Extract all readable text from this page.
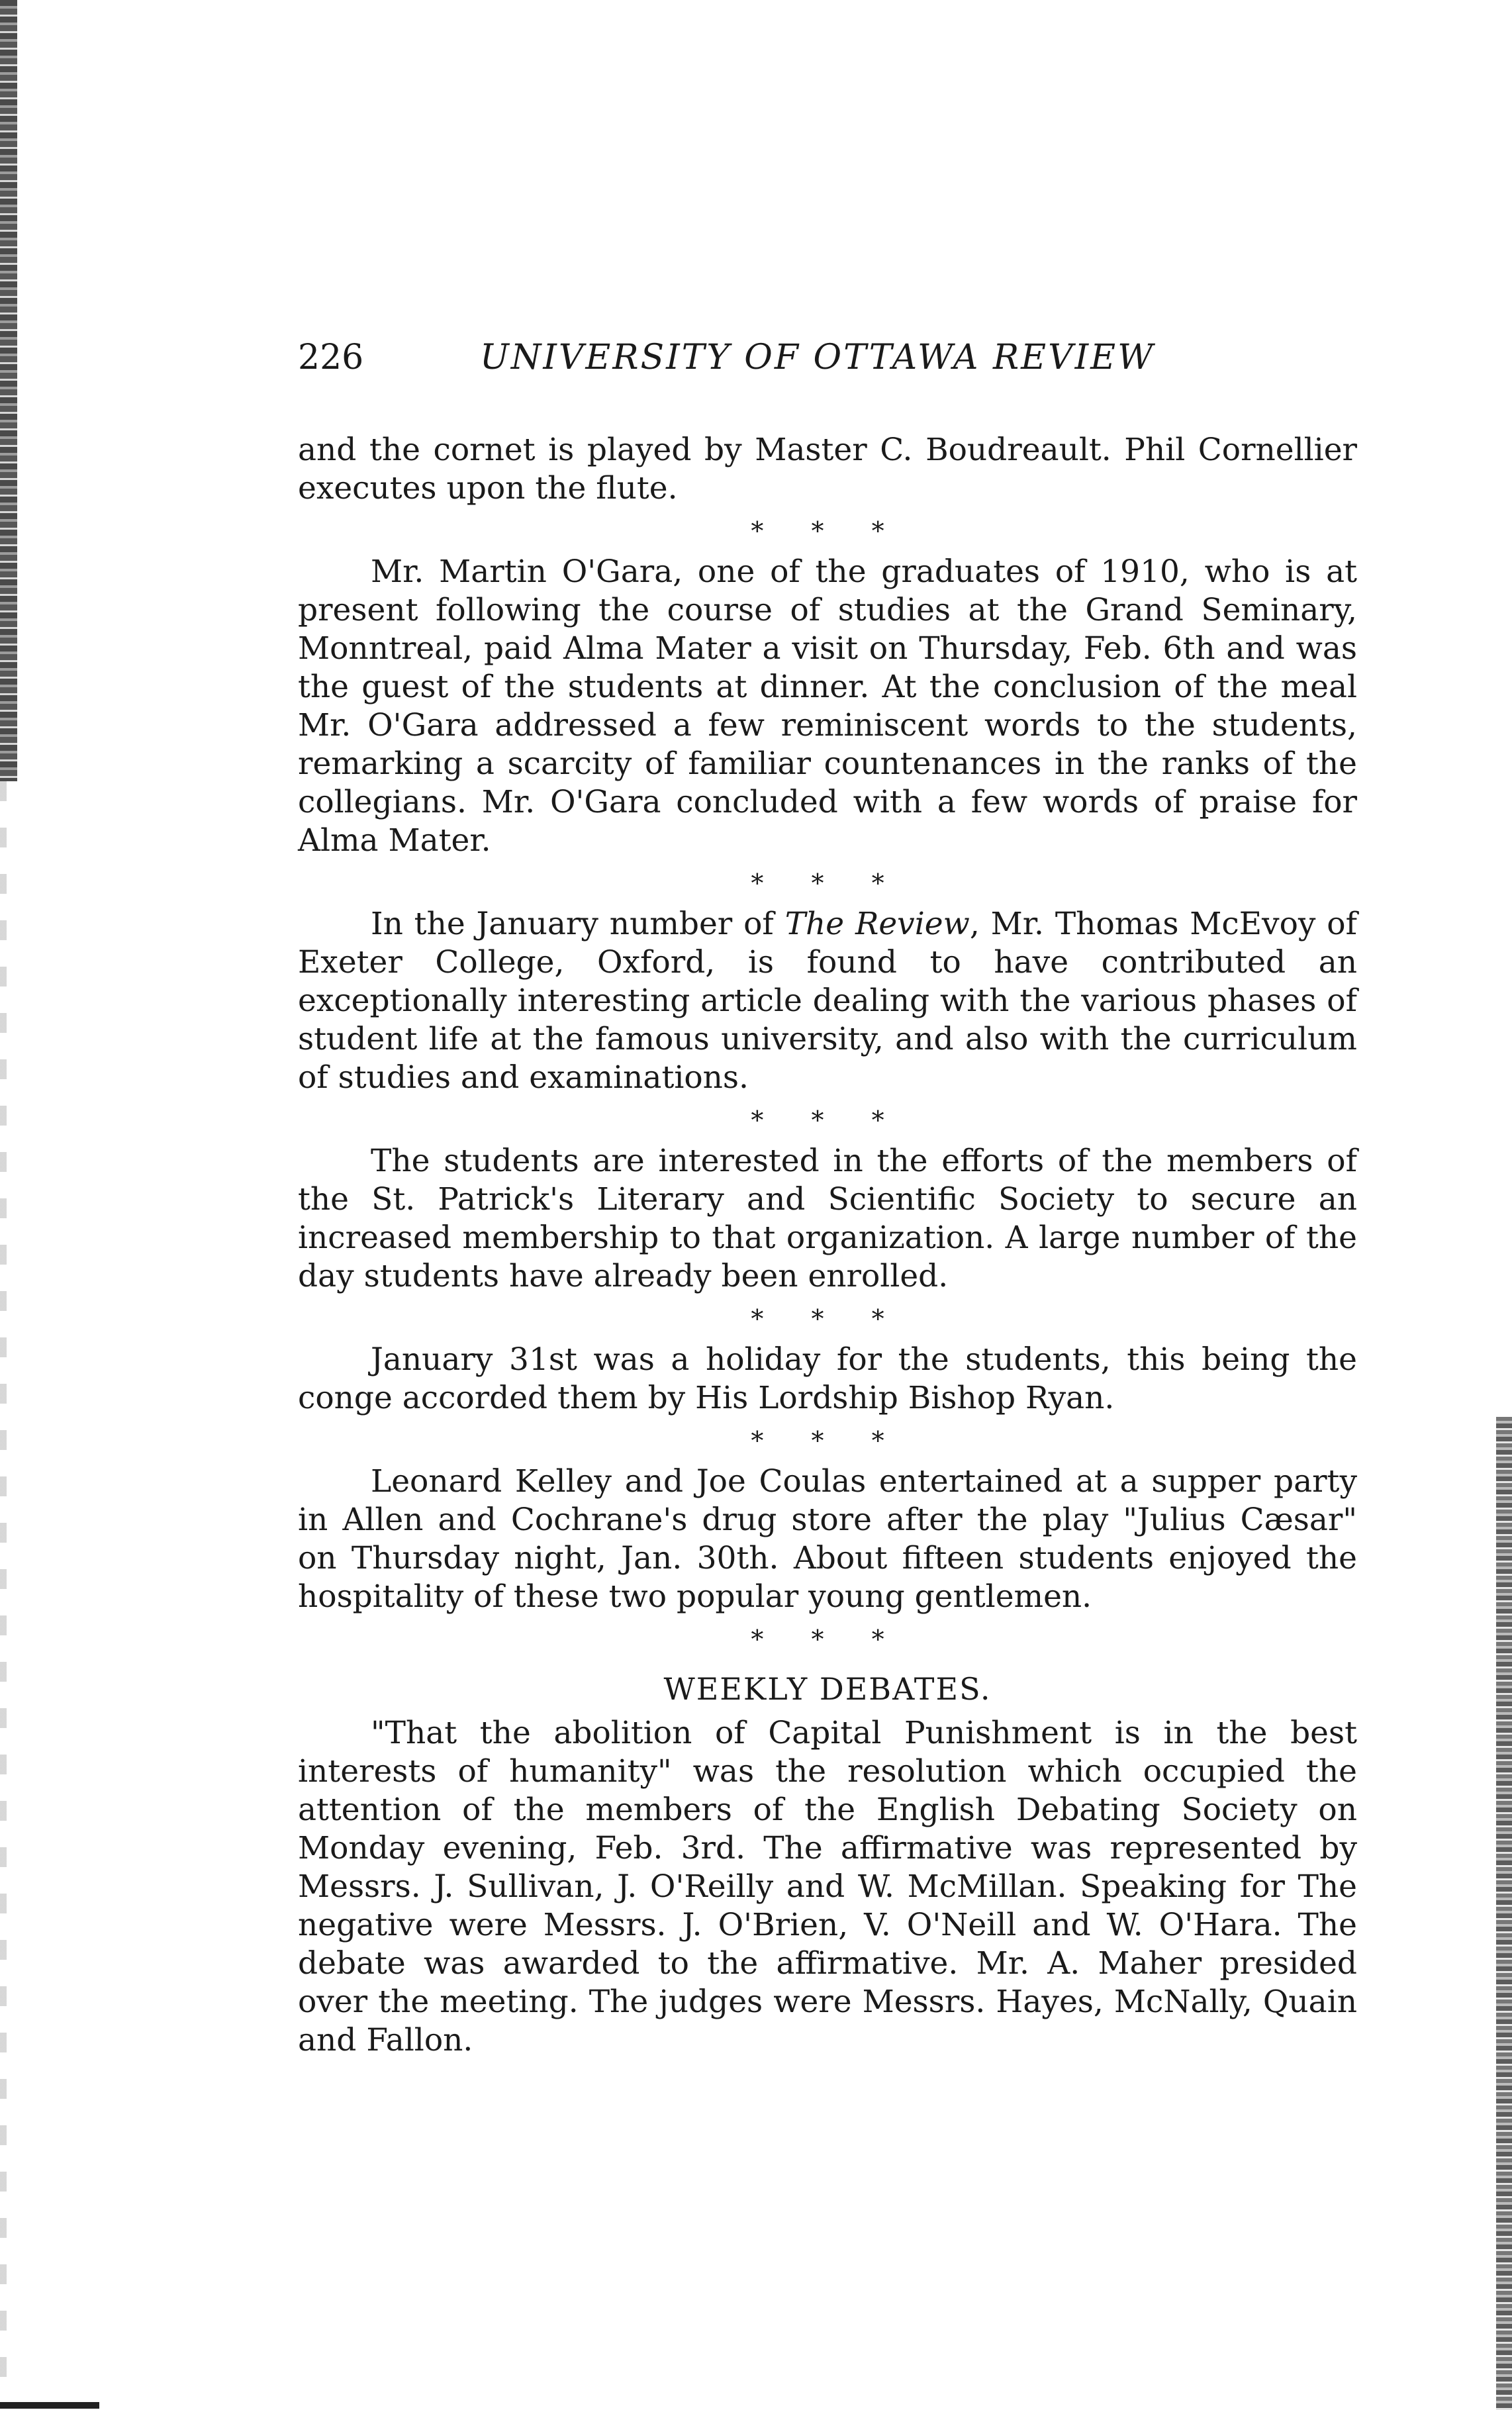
226	UNIVERSITY OF OTTAWA REVIEW

and the cornet is played by Master C. Boudreault. Phil Cornellier executes upon the flute.

* * *

Mr. Martin O'Gara, one of the graduates of 1910, who is at present following the course of studies at the Grand Seminary, Monntreal, paid Alma Mater a visit on Thursday, Feb. 6th and was the guest of the students at dinner. At the conclusion of the meal Mr. O'Gara addressed a few reminiscent words to the students, remarking a scarcity of familiar countenances in the ranks of the collegians. Mr. O'Gara concluded with a few words of praise for Alma Mater.

* * *

In the January number of The Review, Mr. Thomas McEvoy of Exeter College, Oxford, is found to have contributed an exceptionally interesting article dealing with the various phases of student life at the famous university, and also with the curriculum of studies and examinations.

* * *

The students are interested in the efforts of the members of the St. Patrick's Literary and Scientific Society to secure an increased membership to that organization. A large number of the day students have already been enrolled.

* * *

January 31st was a holiday for the students, this being the conge accorded them by His Lordship Bishop Ryan.

* * *

Leonard Kelley and Joe Coulas entertained at a supper party in Allen and Cochrane's drug store after the play "Julius Cæsar" on Thursday night, Jan. 30th. About fifteen students enjoyed the hospitality of these two popular young gentlemen.

* * *
WEEKLY DEBATES.

"That the abolition of Capital Punishment is in the best interests of humanity" was the resolution which occupied the attention of the members of the English Debating Society on Monday evening, Feb. 3rd. The affirmative was represented by Messrs. J. Sullivan, J. O'Reilly and W. McMillan. Speaking for The negative were Messrs. J. O'Brien, V. O'Neill and W. O'Hara. The debate was awarded to the affirmative. Mr. A. Maher presided over the meeting. The judges were Messrs. Hayes, McNally, Quain and Fallon.
